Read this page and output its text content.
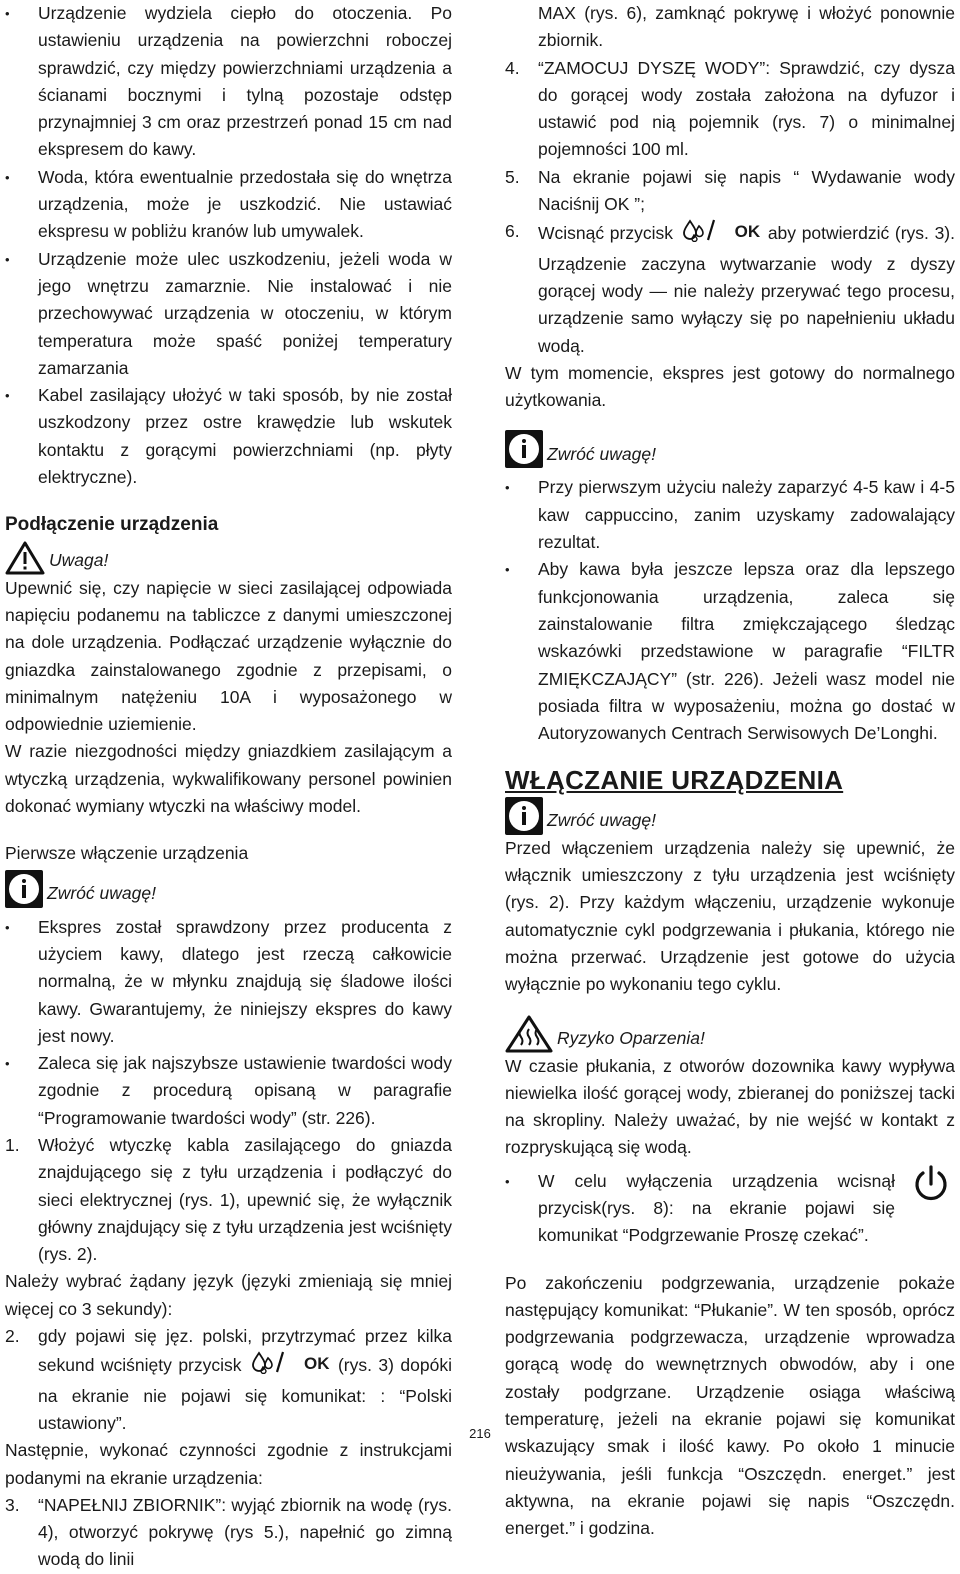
• Urządzenie wydziela ciepło do otoczenia. Po ustawieniu urządzenia na powierzchni roboczej sprawdzić, czy między powierzchniami urządzenia a ścianami bocznymi i tylną pozostaje odstęp przynajmniej 3 cm oraz przestrzeń ponad 15 cm nad ekspresem do kawy.

• Woda, która ewentualnie przedostała się do wnętrza urządzenia, może je uszkodzić. Nie ustawiać ekspresu w pobliżu kranów lub umywalek.

• Urządzenie może ulec uszkodzeniu, jeżeli woda w jego wnętrzu zamarznie. Nie instalować i nie przechowywać urządzenia w otoczeniu, w którym temperatura może spaść poniżej temperatury zamarzania

• Kabel zasilający ułożyć w taki sposób, by nie został uszkodzony przez ostre krawędzie lub wskutek kontaktu z gorącymi powierzchniami (np. płyty elektryczne).

Podłączenie urządzenia

Uwaga!

Upewnić się, czy napięcie w sieci zasilającej odpowiada napięciu podanemu na tabliczce z danymi umieszczonej na dole urządzenia. Podłączać urządzenie wyłącznie do gniazdka zainstalowanego zgodnie z przepisami, o minimalnym natężeniu 10A i wyposażonego w odpowiednie uziemienie.

W razie niezgodności między gniazdkiem zasilającym a wtyczką urządzenia, wykwalifikowany personel powinien dokonać wymiany wtyczki na właściwy model.

Pierwsze włączenie urządzenia

Zwróć uwagę!

• Ekspres został sprawdzony przez producenta z użyciem kawy, dlatego jest rzeczą całkowicie normalną, że w młynku znajdują się śladowe ilości kawy. Gwarantujemy, że niniejszy ekspres do kawy jest nowy.

• Zaleca się jak najszybsze ustawienie twardości wody zgodnie z procedurą opisaną w paragrafie “Programowanie twardości wody” (str. 226).

1. Włożyć wtyczkę kabla zasilającego do gniazda znajdującego się z tyłu urządzenia i podłączyć do sieci elektrycznej (rys. 1), upewnić się, że wyłącznik główny znajdujący się z tyłu urządzenia jest wciśnięty (rys. 2).

Należy wybrać żądany język (języki zmieniają się mniej więcej co 3 sekundy):

2. gdy pojawi się jęz. polski, przytrzymać przez kilka sekund wciśnięty przycisk	OK (rys. 3) dopóki na ekranie nie pojawi się komunikat: : “Polski ustawiony”.

Następnie, wykonać czynności zgodnie z instrukcjami podanymi na ekranie urządzenia:

3. “NAPEŁNIJ ZBIORNIK”: wyjąć zbiornik na wodę (rys. 4), otworzyć pokrywę (rys 5.), napełnić go zimną wodą do linii

MAX (rys. 6), zamknąć pokrywę i włożyć ponownie zbiornik.

4. “ZAMOCUJ DYSZĘ WODY”: Sprawdzić, czy dysza do gorącej wody została założona na dyfuzor i ustawić pod nią pojemnik (rys. 7) o minimalnej pojemności 100 ml.

5. Na ekranie pojawi się napis “ Wydawanie wody Naciśnij OK ”;

6. Wcisnąć przycisk	OK aby potwierdzić (rys. 3). Urządzenie zaczyna wytwarzanie wody z dyszy gorącej wody — nie należy przerywać tego procesu, urządzenie samo wyłączy się po napełnieniu układu wodą.

W tym momencie, ekspres jest gotowy do normalnego użytkowania.

Zwróć uwagę!

• Przy pierwszym użyciu należy zaparzyć 4-5 kaw i 4-5 kaw cappuccino, zanim uzyskamy zadowalający rezultat.

• Aby kawa była jeszcze lepsza oraz dla lepszego funkcjonowania urządzenia, zaleca się zainstalowanie filtra zmiękczającego śledząc wskazówki przedstawione w paragrafie “FILTR ZMIĘKCZAJĄCY” (str. 226). Jeżeli wasz model nie posiada filtra w wyposażeniu, można go dostać w Autoryzowanych Centrach Serwisowych De’Longhi.

WŁĄCZANIE URZĄDZENIA

Zwróć uwagę!

Przed włączeniem urządzenia należy się upewnić, że włącznik umieszczony z tyłu urządzenia jest wciśnięty (rys. 2). Przy każdym włączeniu, urządzenie wykonuje automatycznie cykl podgrzewania i płukania, którego nie można przerwać. Urządzenie jest gotowe do użycia wyłącznie po wykonaniu tego cyklu.

Ryzyko Oparzenia!

W czasie płukania, z otworów dozownika kawy wypływa niewielka ilość gorącej wody, zbieranej do poniższej tacki na skropliny. Należy uważać, by nie wejść w kontakt z rozpryskującą się wodą.

• W celu wyłączenia urządzenia wcisnął przycisk(rys. 8): na ekranie pojawi się komunikat “Podgrzewanie Proszę czekać”.

Po zakończeniu podgrzewania, urządzenie pokaże następujący komunikat: “Płukanie”. W ten sposób, oprócz podgrzewania podgrzewacza, urządzenie wprowadza gorącą wodę do wewnętrznych obwodów, aby i one zostały podgrzane. Urządzenie osiąga właściwą temperaturę, jeżeli na ekranie pojawi się komunikat wskazujący smak i ilość kawy. Po około 1 minucie nieużywania, jeśli funkcja “Oszczędn. energet.” jest aktywna, na ekranie pojawi się napis “Oszczędn. energet.” i godzina.

216
